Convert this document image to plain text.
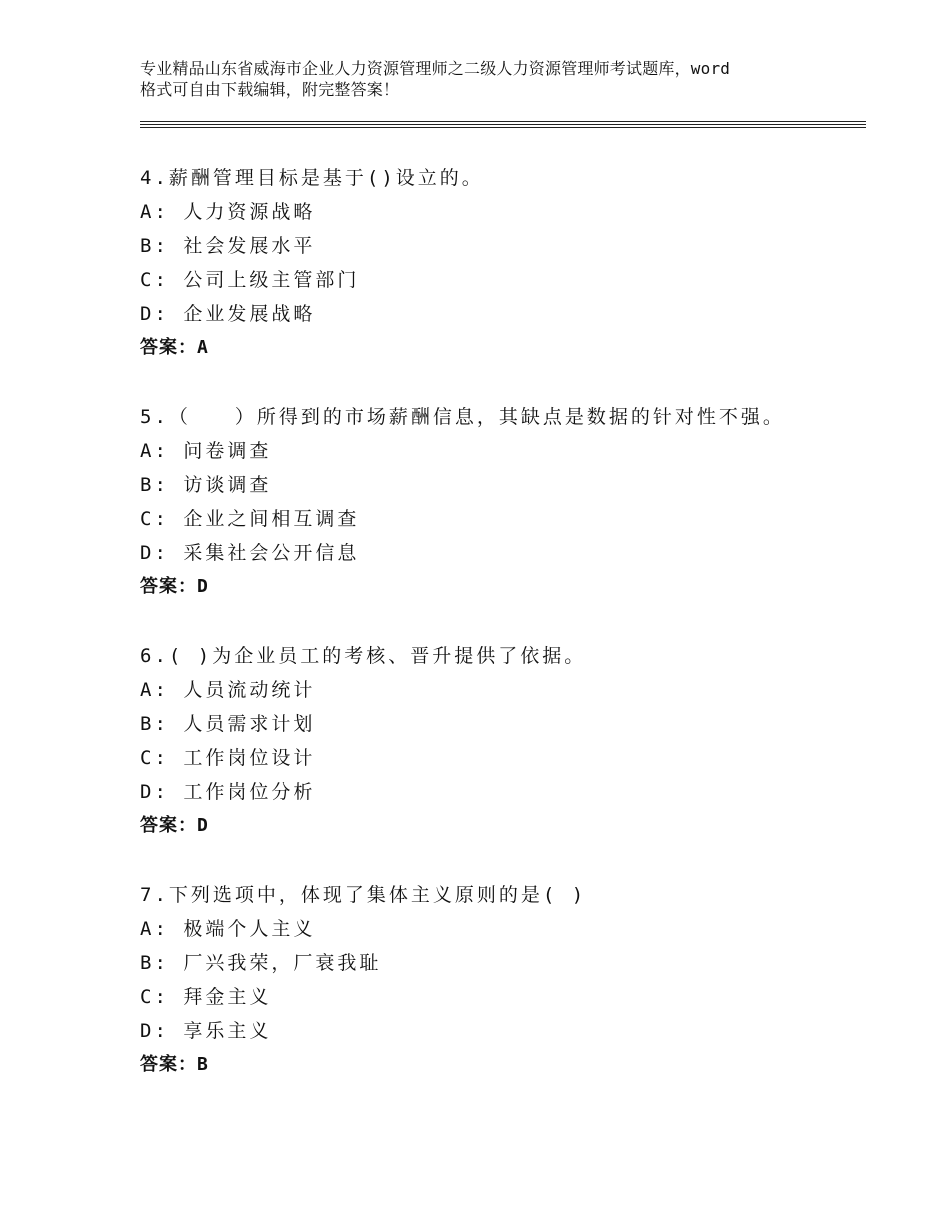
专业精品山东省威海市企业人力资源管理师之二级人力资源管理师考试题库，word
格式可自由下载编辑，附完整答案！
4.薪酬管理目标是基于()设立的。
A: 人力资源战略
B: 社会发展水平
C: 公司上级主管部门
D: 企业发展战略
答案：A
5.（　　）所得到的市场薪酬信息，其缺点是数据的针对性不强。
A: 问卷调查
B: 访谈调查
C: 企业之间相互调查
D: 采集社会公开信息
答案：D
6.( )为企业员工的考核、晋升提供了依据。
A: 人员流动统计
B: 人员需求计划
C: 工作岗位设计
D: 工作岗位分析
答案：D
7.下列选项中，体现了集体主义原则的是( )
A: 极端个人主义
B: 厂兴我荣，厂衰我耻
C: 拜金主义
D: 享乐主义
答案：B
